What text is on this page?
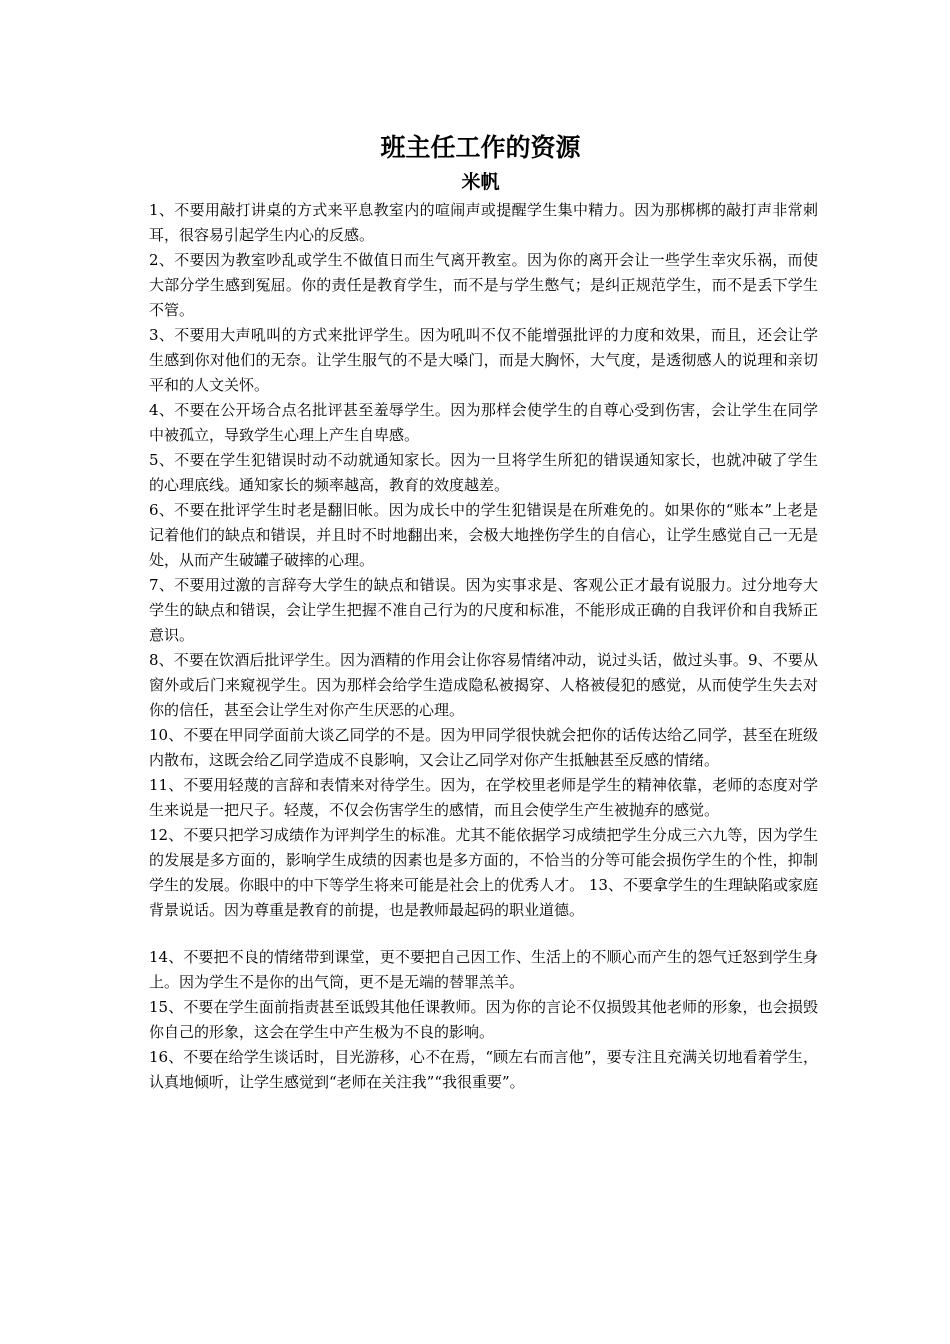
班主任工作的资源
米帆

1、不要用敲打讲桌的方式来平息教室内的喧闹声或提醒学生集中精力。因为那梆梆的敲打声非常刺耳，很容易引起学生内心的反感。

2、不要因为教室吵乱或学生不做值日而生气离开教室。因为你的离开会让一些学生幸灾乐祸，而使大部分学生感到冤屈。你的责任是教育学生，而不是与学生憋气；是纠正规范学生，而不是丢下学生不管。

3、不要用大声吼叫的方式来批评学生。因为吼叫不仅不能增强批评的力度和效果，而且，还会让学生感到你对他们的无奈。让学生服气的不是大嗓门，而是大胸怀，大气度，是透彻感人的说理和亲切平和的人文关怀。

4、不要在公开场合点名批评甚至羞辱学生。因为那样会使学生的自尊心受到伤害，会让学生在同学中被孤立，导致学生心理上产生自卑感。

5、不要在学生犯错误时动不动就通知家长。因为一旦将学生所犯的错误通知家长，也就冲破了学生的心理底线。通知家长的频率越高，教育的效度越差。

6、不要在批评学生时老是翻旧帐。因为成长中的学生犯错误是在所难免的。如果你的“账本”上老是记着他们的缺点和错误，并且时不时地翻出来，会极大地挫伤学生的自信心，让学生感觉自己一无是处，从而产生破罐子破摔的心理。

7、不要用过激的言辞夸大学生的缺点和错误。因为实事求是、客观公正才最有说服力。过分地夸大学生的缺点和错误，会让学生把握不准自己行为的尺度和标准，不能形成正确的自我评价和自我矫正意识。

8、不要在饮酒后批评学生。因为酒精的作用会让你容易情绪冲动，说过头话，做过头事。9、不要从窗外或后门来窥视学生。因为那样会给学生造成隐私被揭穿、人格被侵犯的感觉，从而使学生失去对你的信任，甚至会让学生对你产生厌恶的心理。

10、不要在甲同学面前大谈乙同学的不是。因为甲同学很快就会把你的话传达给乙同学，甚至在班级内散布，这既会给乙同学造成不良影响，又会让乙同学对你产生抵触甚至反感的情绪。

11、不要用轻蔑的言辞和表情来对待学生。因为，在学校里老师是学生的精神依靠，老师的态度对学生来说是一把尺子。轻蔑，不仅会伤害学生的感情，而且会使学生产生被抛弃的感觉。

12、不要只把学习成绩作为评判学生的标准。尤其不能依据学习成绩把学生分成三六九等，因为学生的发展是多方面的，影响学生成绩的因素也是多方面的，不恰当的分等可能会损伤学生的个性，抑制学生的发展。你眼中的中下等学生将来可能是社会上的优秀人才。 13、不要拿学生的生理缺陷或家庭背景说话。因为尊重是教育的前提，也是教师最起码的职业道德。

14、不要把不良的情绪带到课堂，更不要把自己因工作、生活上的不顺心而产生的怨气迁怒到学生身上。因为学生不是你的出气筒，更不是无端的替罪羔羊。

15、不要在学生面前指责甚至诋毁其他任课教师。因为你的言论不仅损毁其他老师的形象，也会损毁你自己的形象，这会在学生中产生极为不良的影响。

16、不要在给学生谈话时，目光游移，心不在焉，“顾左右而言他”，要专注且充满关切地看着学生，认真地倾听，让学生感觉到“老师在关注我”“我很重要”。
